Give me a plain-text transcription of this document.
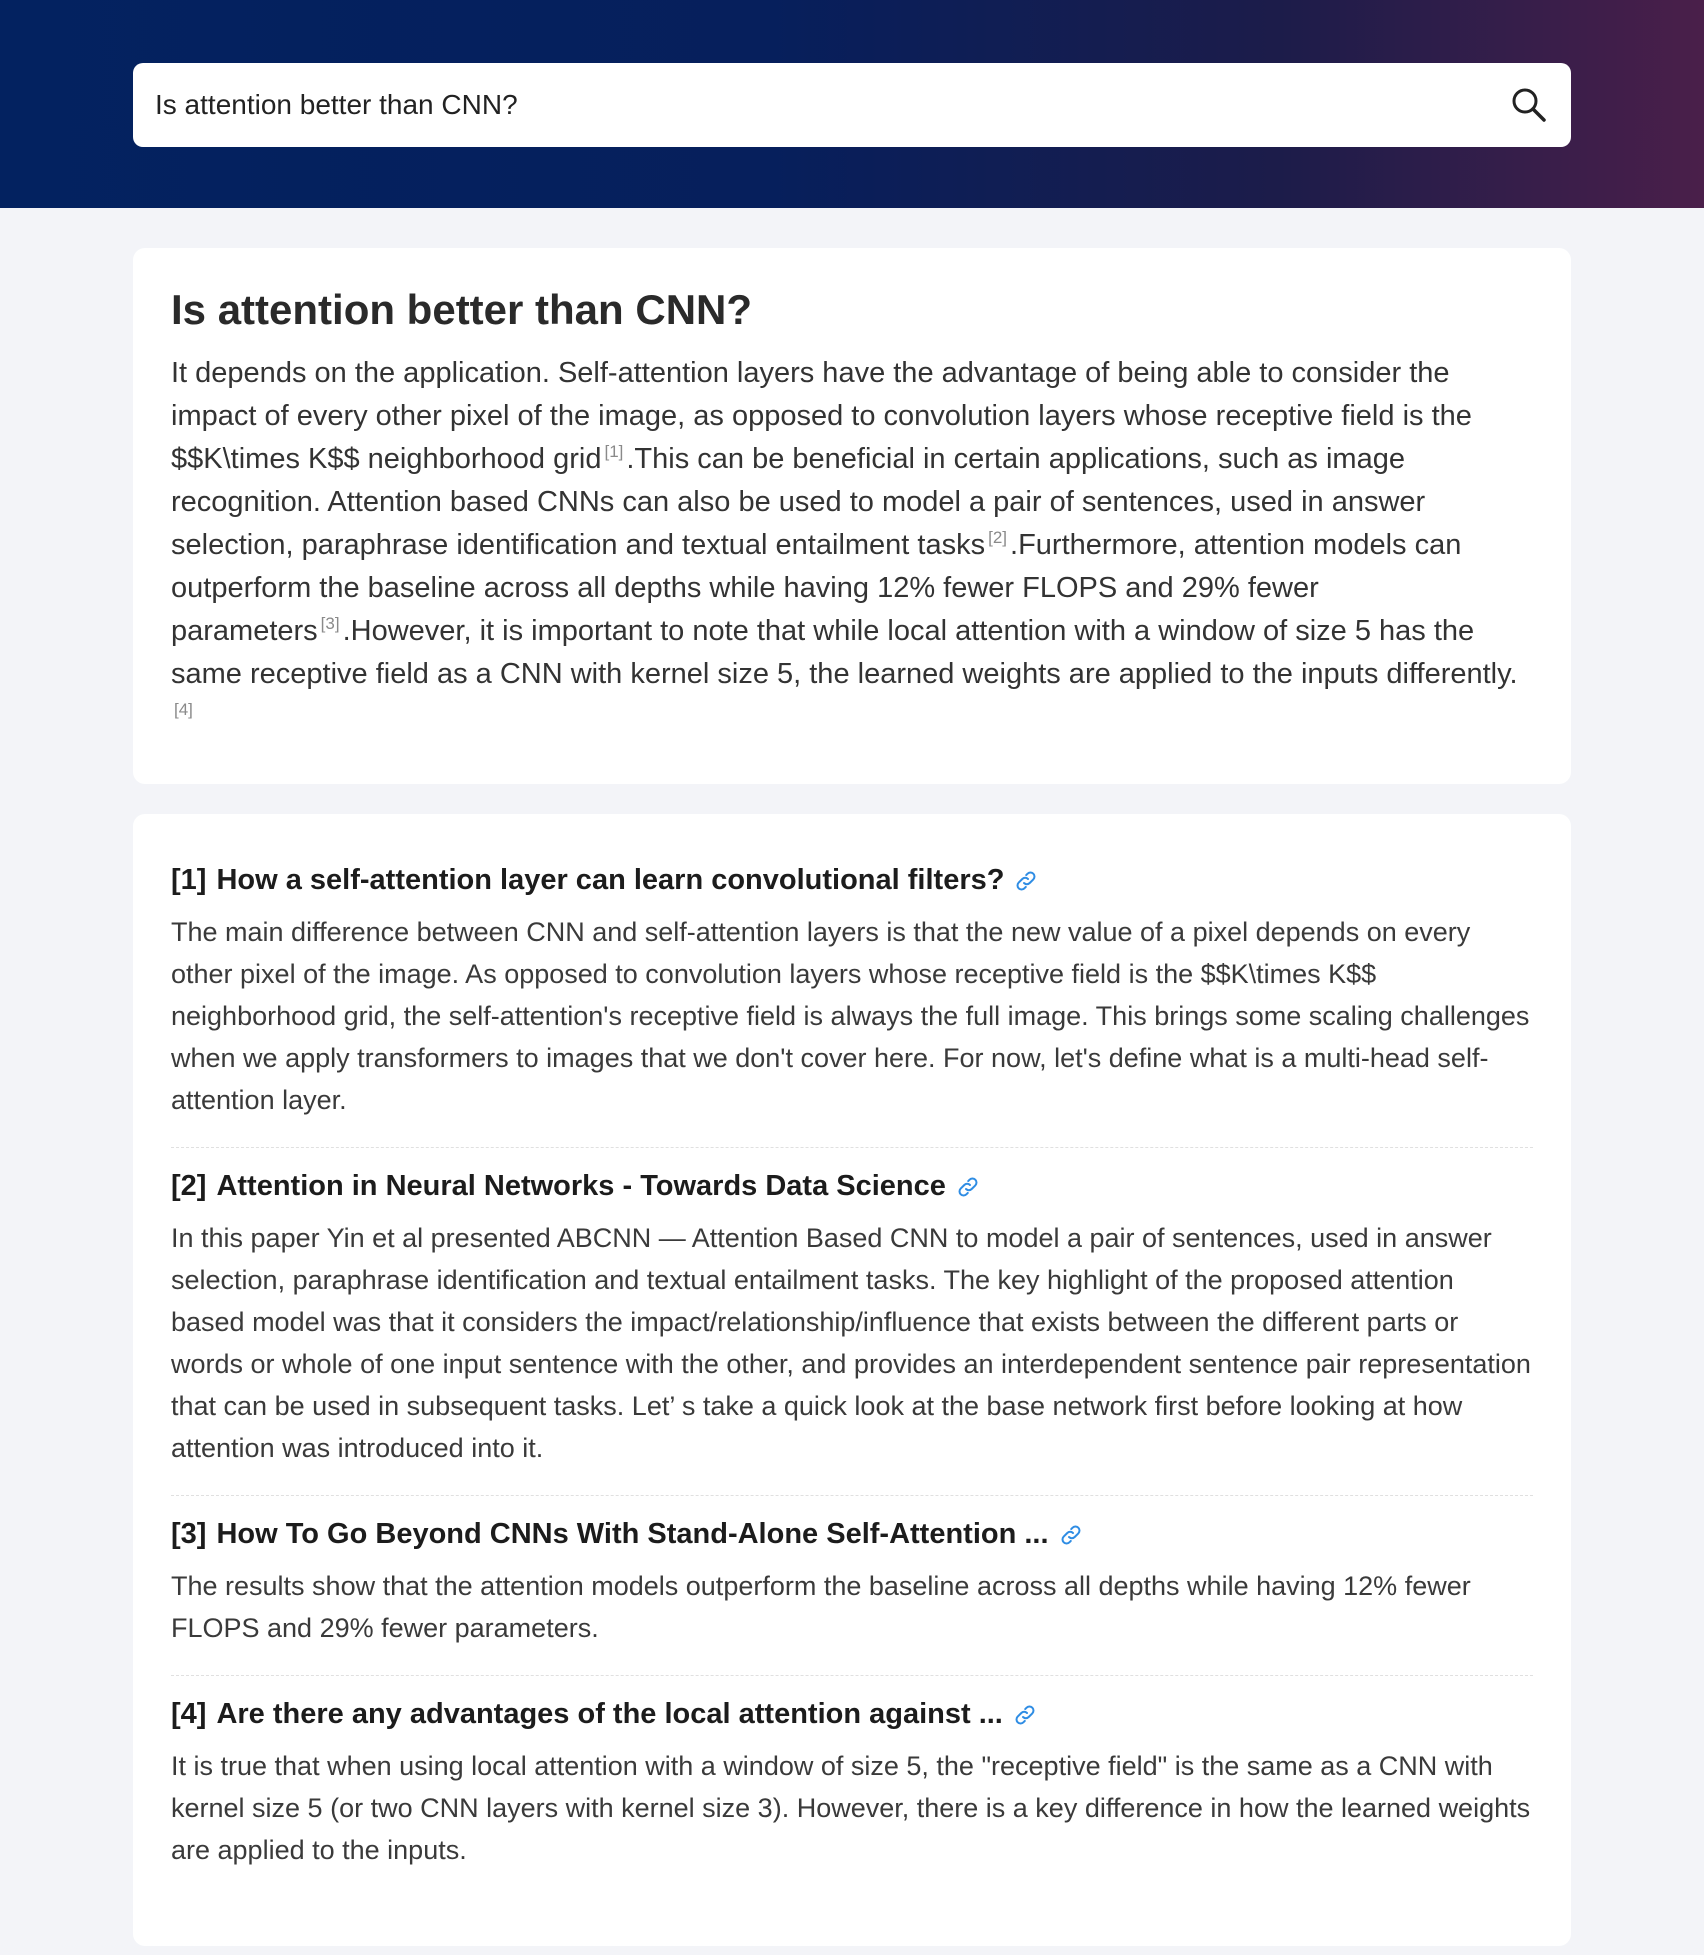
Is attention better than CNN?
Is attention better than CNN?

It depends on the application. Self-attention layers have the advantage of being able to consider the impact of every other pixel of the image, as opposed to convolution layers whose receptive field is the $$K\times K$$ neighborhood grid [1] .This can be beneficial in certain applications, such as image recognition. Attention based CNNs can also be used to model a pair of sentences, used in answer selection, paraphrase identification and textual entailment tasks [2] .Furthermore, attention models can outperform the baseline across all depths while having 12% fewer FLOPS and 29% fewer parameters [3] .However, it is important to note that while local attention with a window of size 5 has the same receptive field as a CNN with kernel size 5, the learned weights are applied to the inputs differently. [4]

[1] How a self-attention layer can learn convolutional filters?

The main difference between CNN and self-attention layers is that the new value of a pixel depends on every other pixel of the image. As opposed to convolution layers whose receptive field is the $$K\times K$$ neighborhood grid, the self-attention's receptive field is always the full image. This brings some scaling challenges when we apply transformers to images that we don't cover here. For now, let's define what is a multi-head self-attention layer.

[2] Attention in Neural Networks - Towards Data Science

In this paper Yin et al presented ABCNN — Attention Based CNN to model a pair of sentences, used in answer selection, paraphrase identification and textual entailment tasks. The key highlight of the proposed attention based model was that it considers the impact/relationship/influence that exists between the different parts or words or whole of one input sentence with the other, and provides an interdependent sentence pair representation that can be used in subsequent tasks. Let’ s take a quick look at the base network first before looking at how attention was introduced into it.

[3] How To Go Beyond CNNs With Stand-Alone Self-Attention ...

The results show that the attention models outperform the baseline across all depths while having 12% fewer FLOPS and 29% fewer parameters.

[4] Are there any advantages of the local attention against ...

It is true that when using local attention with a window of size 5, the "receptive field" is the same as a CNN with kernel size 5 (or two CNN layers with kernel size 3). However, there is a key difference in how the learned weights are applied to the inputs.
